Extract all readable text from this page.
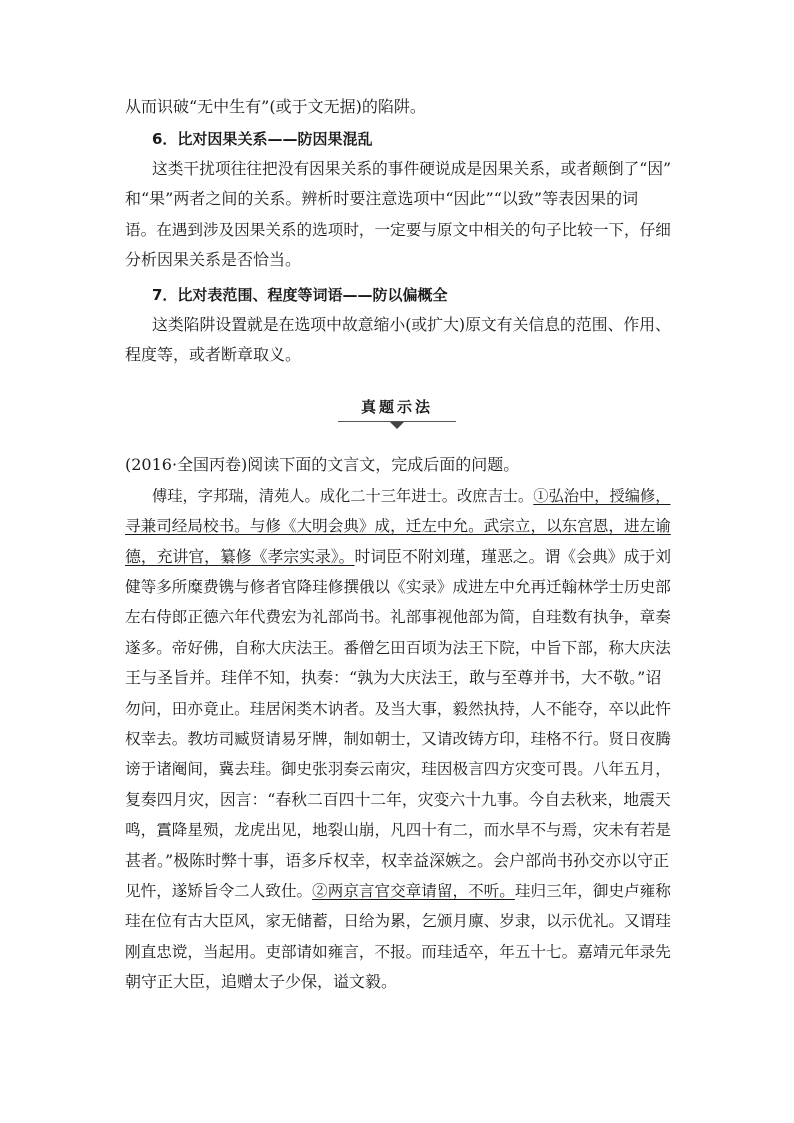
从而识破“无中生有”(或于文无据)的陷阱。
6．比对因果关系——防因果混乱
这类干扰项往往把没有因果关系的事件硬说成是因果关系，或者颠倒了“因”
和“果”两者之间的关系。辨析时要注意选项中“因此”“以致”等表因果的词
语。在遇到涉及因果关系的选项时，一定要与原文中相关的句子比较一下，仔细
分析因果关系是否恰当。
7．比对表范围、程度等词语——防以偏概全
这类陷阱设置就是在选项中故意缩小(或扩大)原文有关信息的范围、作用、
程度等，或者断章取义。
真题示法
(2016·全国丙卷)阅读下面的文言文，完成后面的问题。
傅珪，字邦瑞，清苑人。成化二十三年进士。改庶吉士。①弘治中，授编修，
寻兼司经局校书。与修《大明会典》成，迁左中允。武宗立，以东宫恩，进左谕
德，充讲官，纂修《孝宗实录》。时词臣不附刘瑾，瑾恶之。谓《会典》成于刘
健等多所糜费镌与修者官降珪修撰俄以《实录》成进左中允再迁翰林学士历史部
左右侍郎正德六年代费宏为礼部尚书。礼部事视他部为简，自珪数有执争，章奏
遂多。帝好佛，自称大庆法王。番僧乞田百顷为法王下院，中旨下部，称大庆法
王与圣旨并。珪佯不知，执奏：“孰为大庆法王，敢与至尊并书，大不敬。”诏
勿问，田亦竟止。珪居闲类木讷者。及当大事，毅然执持，人不能夺，卒以此忤
权幸去。教坊司臧贤请易牙牌，制如朝士，又请改铸方印，珪格不行。贤日夜腾
谤于诸阉间，冀去珪。御史张羽奏云南灾，珪因极言四方灾变可畏。八年五月，
复奏四月灾，因言：“春秋二百四十二年，灾变六十九事。今自去秋来，地震天
鸣，霣降星殒，龙虎出见，地裂山崩，凡四十有二，而水旱不与焉，灾未有若是
甚者。”极陈时弊十事，语多斥权幸，权幸益深嫉之。会户部尚书孙交亦以守正
见忤，遂矫旨令二人致仕。②两京言官交章请留，不听。珪归三年，御史卢雍称
珪在位有古大臣风，家无储蓄，日给为累，乞颁月廪、岁隶，以示优礼。又谓珪
刚直忠谠，当起用。吏部请如雍言，不报。而珪适卒，年五十七。嘉靖元年录先
朝守正大臣，追赠太子少保，谥文毅。
